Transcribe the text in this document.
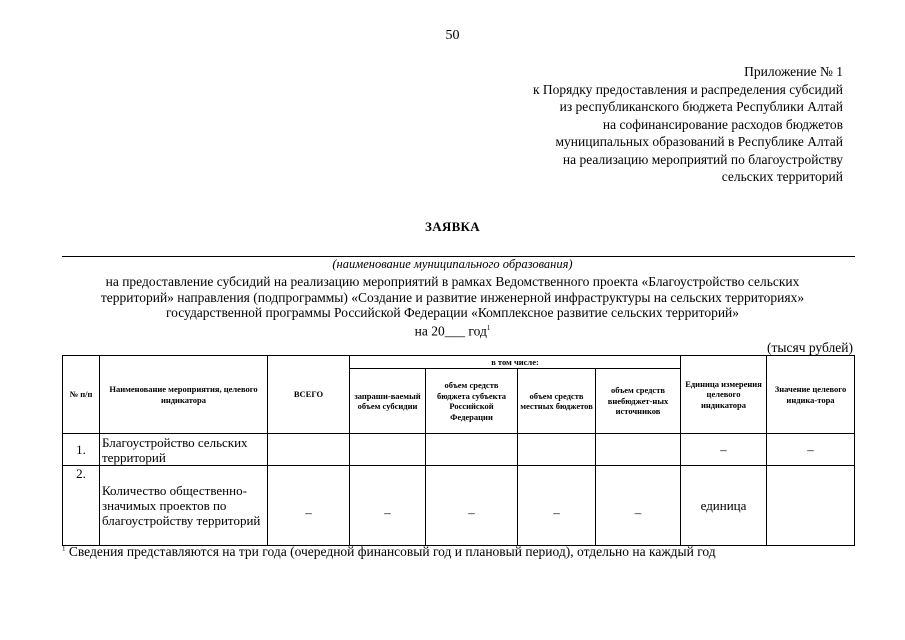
50
Приложение № 1
к Порядку предоставления и распределения субсидий
из республиканского бюджета Республики Алтай
на софинансирование расходов бюджетов
муниципальных образований в Республике Алтай
на реализацию мероприятий по благоустройству
сельских территорий
ЗАЯВКА
(наименование муниципального образования)
на предоставление субсидий на реализацию мероприятий в рамках Ведомственного проекта «Благоустройство сельских
территорий» направления (подпрограммы) «Создание и развитие инженерной инфраструктуры на сельских территориях»
государственной программы Российской Федерации «Комплексное развитие сельских территорий»
на 20___ год$^1$
(тысяч рублей)
№ п/п	Наименование мероприятия, целевого индикатора	ВСЕГО	в том числе:				Единица измерения целевого индикатора	Значение целевого индика-тора
			запраши-ваемый объем субсидии	объем средств бюджета субъекта Российской Федерации	объем средств местных бюджетов	объем средств внебюджет-ных источников		
1.	Благоустройство сельских территорий						–	–
2.	Количество общественно-значимых проектов по благоустройству территорий	–	–	–	–	–	единица	
$^1$ Сведения представляются на три года (очередной финансовый год и плановый период), отдельно на каждый год
